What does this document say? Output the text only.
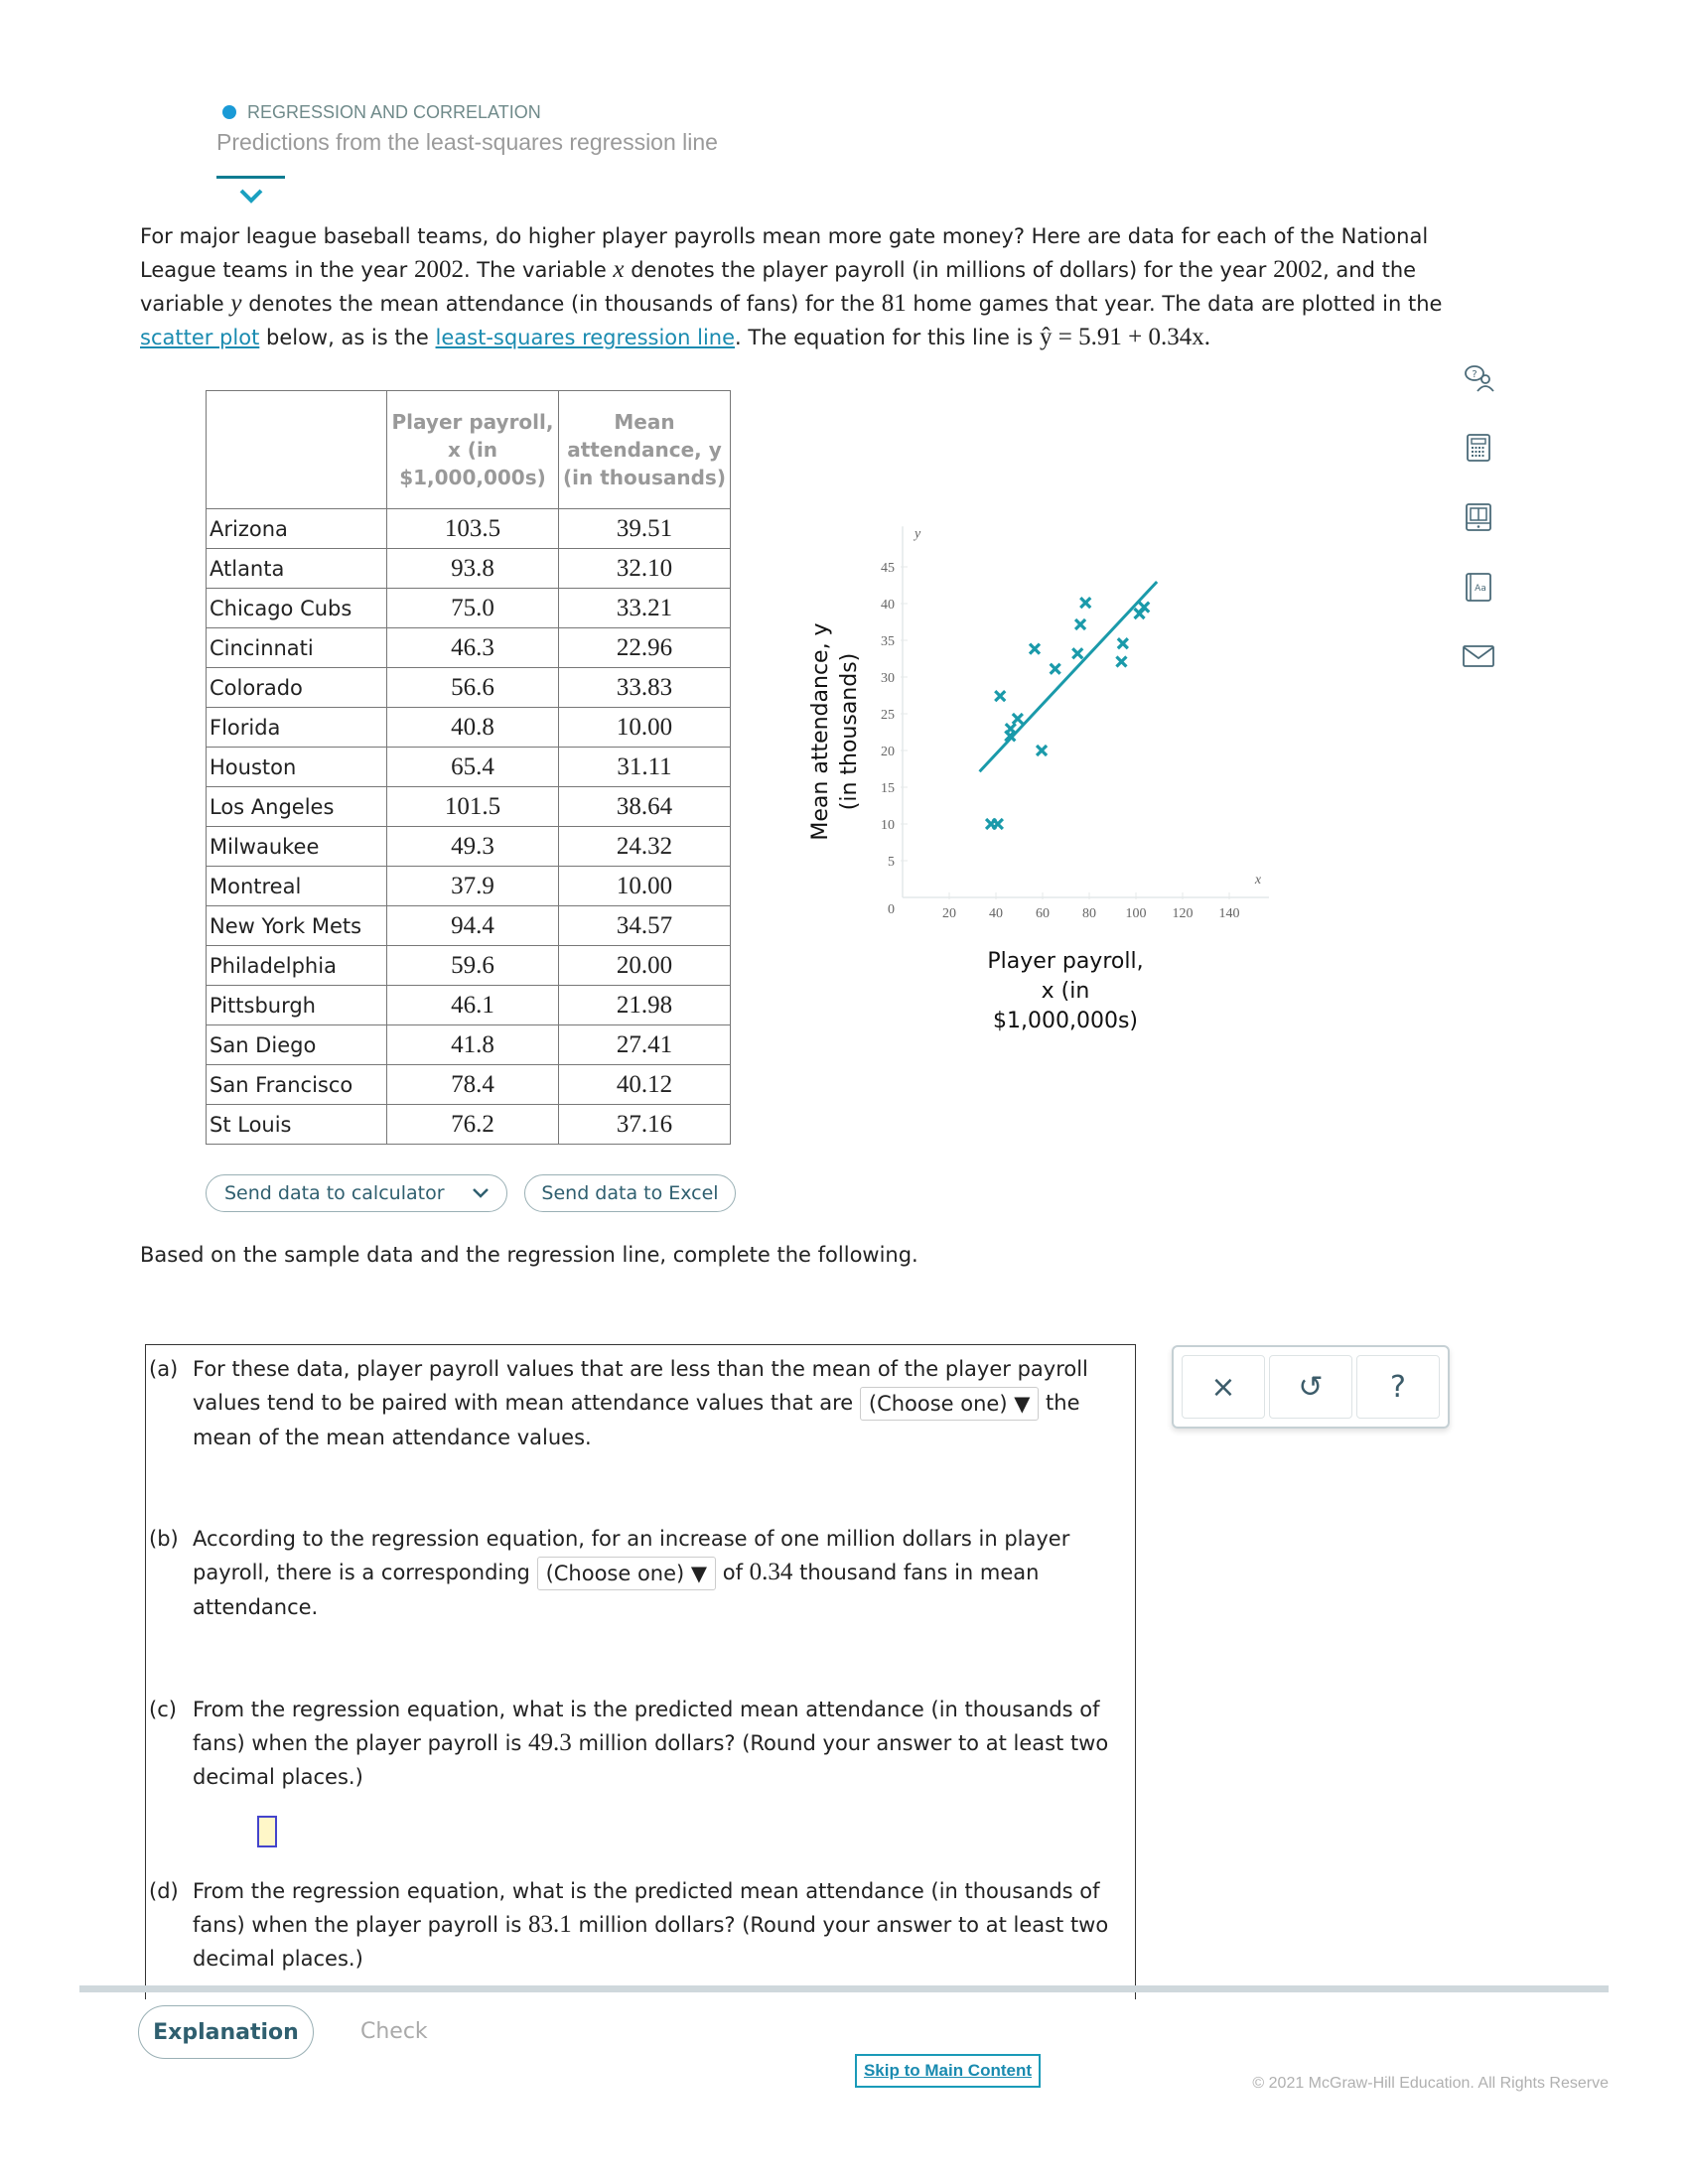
REGRESSION AND CORRELATION
Predictions from the least-squares regression line
For major league baseball teams, do higher player payrolls mean more gate money? Here are data for each of the National League teams in the year 2002. The variable x denotes the player payroll (in millions of dollars) for the year 2002, and the variable y denotes the mean attendance (in thousands of fans) for the 81 home games that year. The data are plotted in the scatter plot below, as is the least-squares regression line. The equation for this line is ŷ = 5.91 + 0.34x.
	Player payroll, x (in $1,000,000s)	Mean attendance, y (in thousands)
Arizona	103.5	39.51
Atlanta	93.8	32.10
Chicago Cubs	75.0	33.21
Cincinnati	46.3	22.96
Colorado	56.6	33.83
Florida	40.8	10.00
Houston	65.4	31.11
Los Angeles	101.5	38.64
Milwaukee	49.3	24.32
Montreal	37.9	10.00
New York Mets	94.4	34.57
Philadelphia	59.6	20.00
Pittsburgh	46.1	21.98
San Diego	41.8	27.41
San Francisco	78.4	40.12
St Louis	76.2	37.16
Send data to calculator	Send data to Excel
5
10
15
20
25
30
35
40
45
20 40 60 80 100 120 140
0
x
y
Mean attendance, y (in thousands)
Player payroll,
x (in
$1,000,000s)
?
Aa
Based on the sample data and the regression line, complete the following.
(a) For these data, player payroll values that are less than the mean of the player payroll values tend to be paired with mean attendance values that are (Choose one) ▼ the mean of the mean attendance values.
(b) According to the regression equation, for an increase of one million dollars in player payroll, there is a corresponding (Choose one) ▼ of 0.34 thousand fans in mean attendance.
(c) From the regression equation, what is the predicted mean attendance (in thousands of fans) when the player payroll is 49.3 million dollars? (Round your answer to at least two decimal places.)
(d) From the regression equation, what is the predicted mean attendance (in thousands of fans) when the player payroll is 83.1 million dollars? (Round your answer to at least two decimal places.)
× ↺ ?
Explanation	Check
Skip to Main Content
© 2021 McGraw-Hill Education. All Rights Reserve
